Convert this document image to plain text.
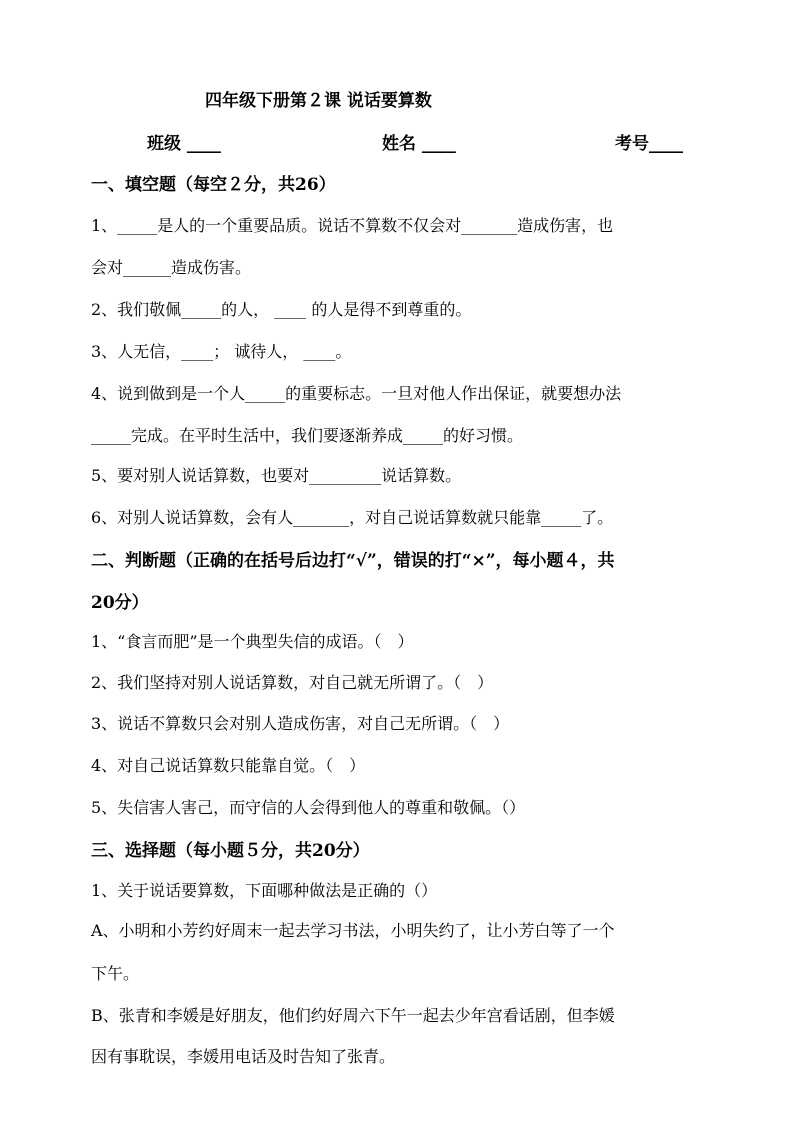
四年级下册第２课 说话要算数
班级 ____	姓名 ____	考号____
一、填空题（每空２分，共26）
1、_____是人的一个重要品质。说话不算数不仅会对_______造成伤害，也
会对______造成伤害。
2、我们敬佩_____的人， ____ 的人是得不到尊重的。
3、人无信，____； 诚待人， ____。
4、说到做到是一个人_____的重要标志。一旦对他人作出保证，就要想办法
_____完成。在平时生活中，我们要逐渐养成_____的好习惯。
5、要对别人说话算数，也要对_________说话算数。
6、对别人说话算数，会有人_______，对自己说话算数就只能靠_____了。
二、判断题（正确的在括号后边打“√”，错误的打“×”，每小题４，共
20分）
1、“食言而肥”是一个典型失信的成语。（　）
2、我们坚持对别人说话算数，对自己就无所谓了。（　）
3、说话不算数只会对别人造成伤害，对自己无所谓。（　）
4、对自己说话算数只能靠自觉。（　）
5、失信害人害己，而守信的人会得到他人的尊重和敬佩。（）
三、选择题（每小题５分，共20分）
1、关于说话要算数，下面哪种做法是正确的（）
A、小明和小芳约好周末一起去学习书法，小明失约了，让小芳白等了一个
下午。
B、张青和李媛是好朋友，他们约好周六下午一起去少年宫看话剧，但李媛
因有事耽误，李媛用电话及时告知了张青。
